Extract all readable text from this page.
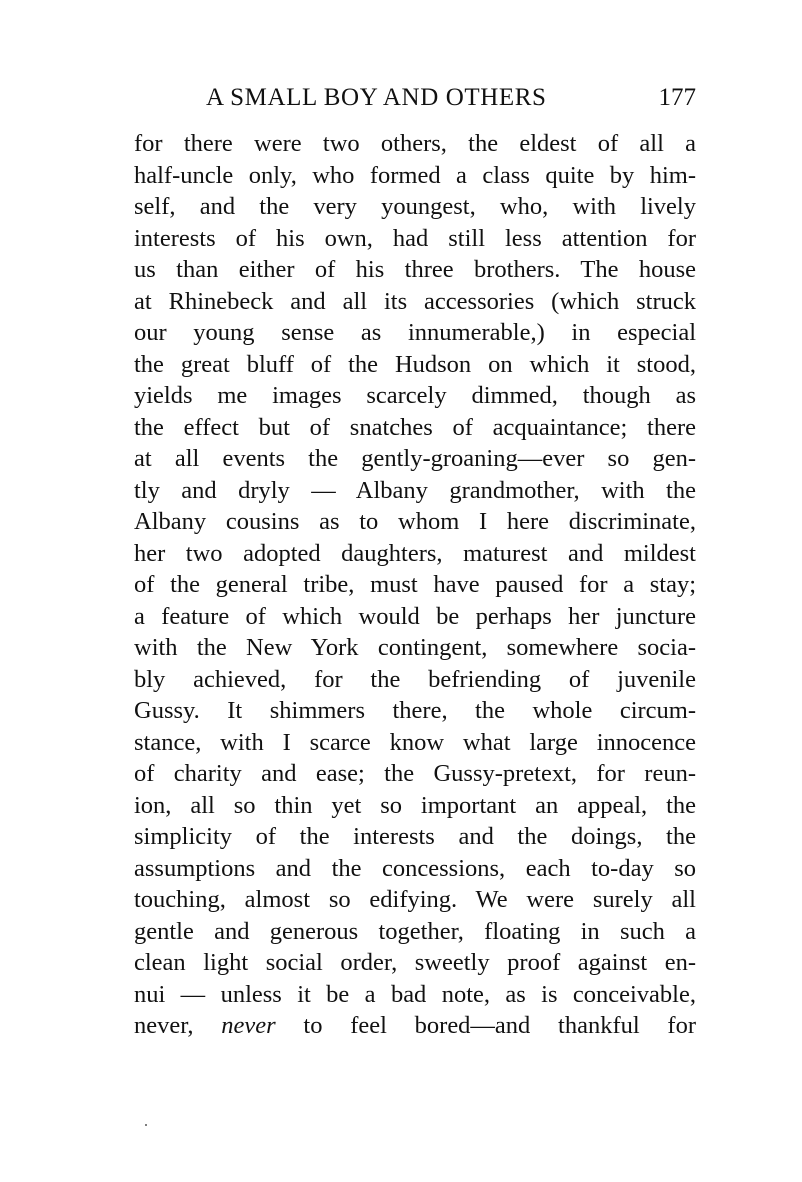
A SMALL BOY AND OTHERS	177
for there were two others, the eldest of all a
half-uncle only, who formed a class quite by him-
self, and the very youngest, who, with lively
interests of his own, had still less attention for
us than either of his three brothers. The house
at Rhinebeck and all its accessories (which struck
our young sense as innumerable,) in especial
the great bluff of the Hudson on which it stood,
yields me images scarcely dimmed, though as
the effect but of snatches of acquaintance; there
at all events the gently-groaning—ever so gen-
tly and dryly — Albany grandmother, with the
Albany cousins as to whom I here discriminate,
her two adopted daughters, maturest and mildest
of the general tribe, must have paused for a stay;
a feature of which would be perhaps her juncture
with the New York contingent, somewhere socia-
bly achieved, for the befriending of juvenile
Gussy. It shimmers there, the whole circum-
stance, with I scarce know what large innocence
of charity and ease; the Gussy-pretext, for reun-
ion, all so thin yet so important an appeal, the
simplicity of the interests and the doings, the
assumptions and the concessions, each to-day so
touching, almost so edifying. We were surely all
gentle and generous together, floating in such a
clean light social order, sweetly proof against en-
nui — unless it be a bad note, as is conceivable,
never, never to feel bored—and thankful for
